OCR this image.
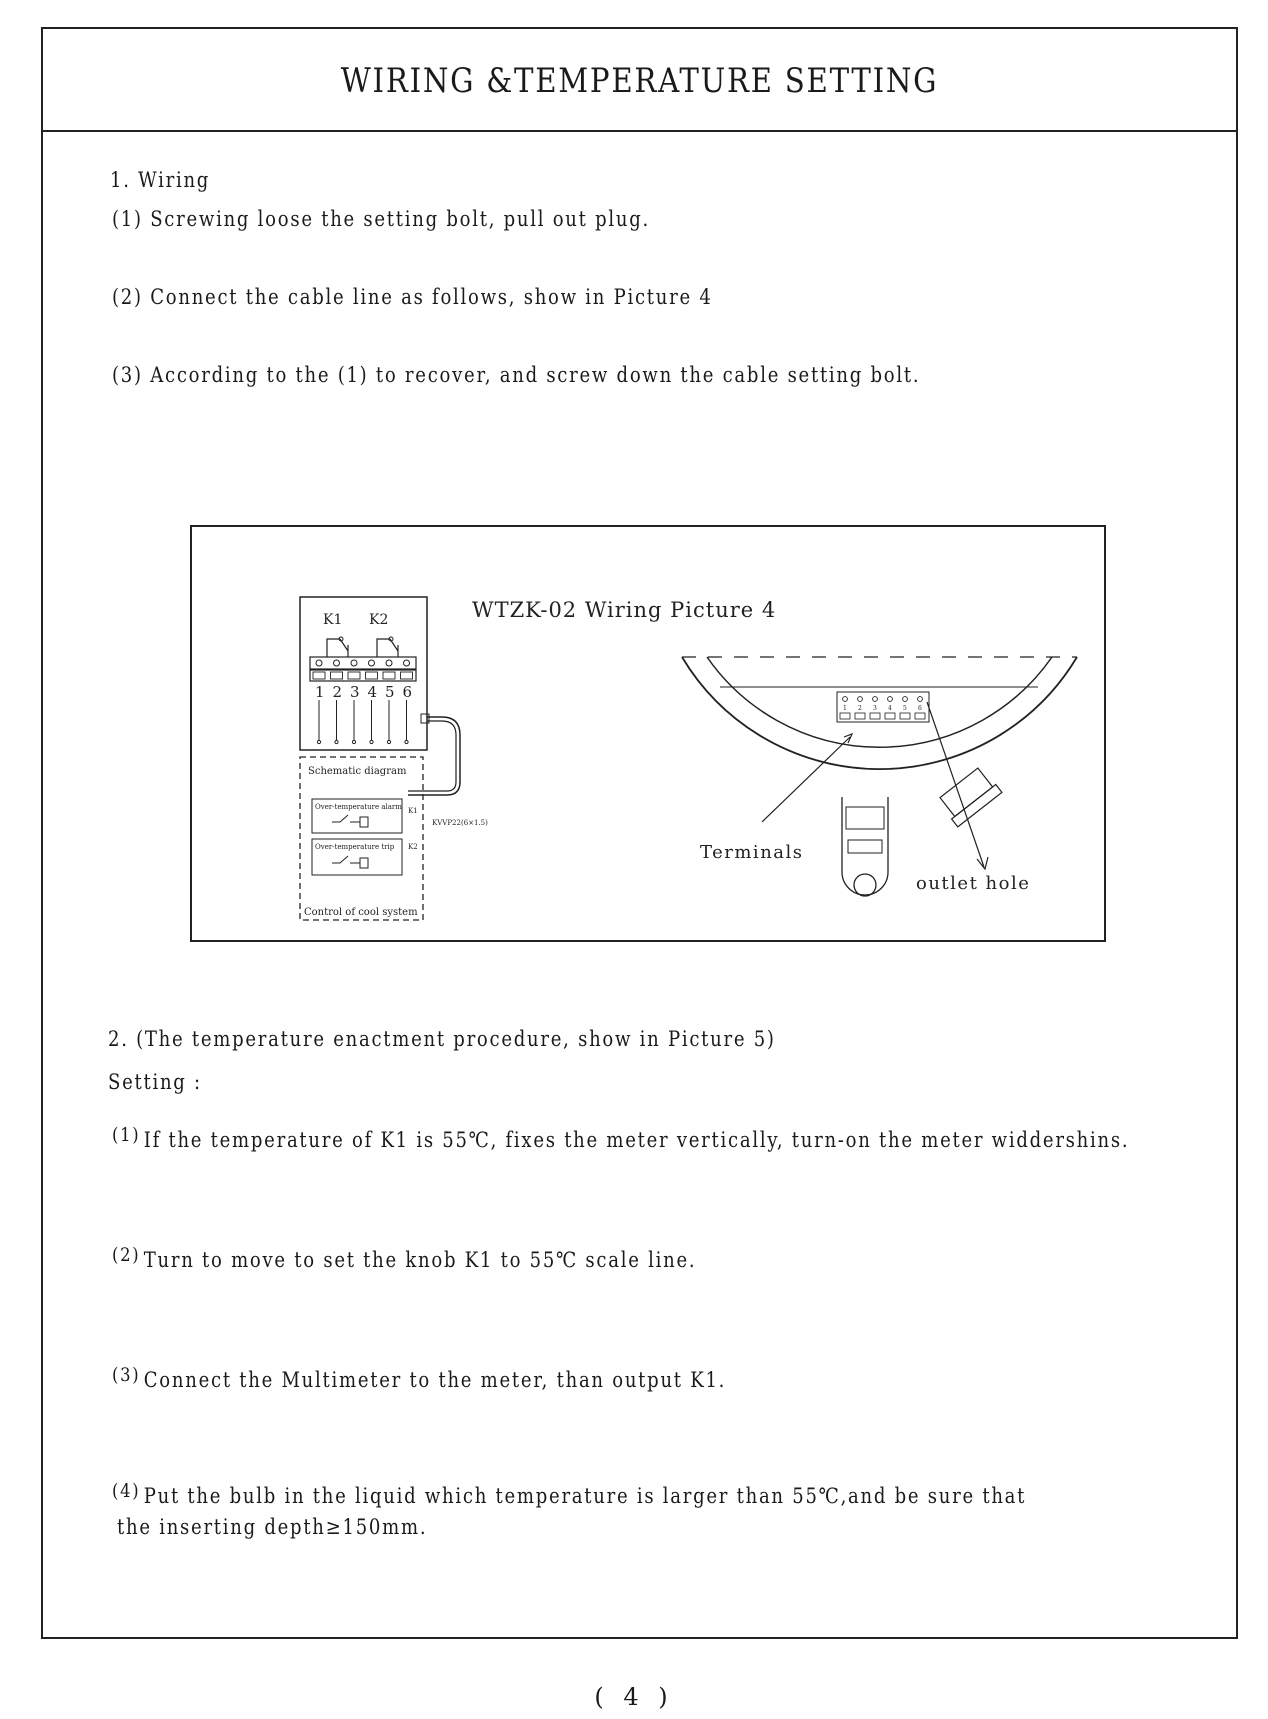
WIRING &TEMPERATURE SETTING
1. Wiring
(1) Screwing loose the setting bolt, pull out plug.
(2) Connect the cable line as follows, show in Picture 4
(3) According to the (1) to recover, and screw down the cable setting bolt.
K1 K2
1 2 3 4 5 6
KVVP22(6×1.5)
Schematic diagram
Over-temperature alarm
Over-temperature trip
K1
K2
Control of cool system
WTZK-02 Wiring Picture 4
1 2 3 4 5 6
Terminals
outlet hole
2. (The temperature enactment procedure, show in Picture 5)
Setting :
$^{(1)}$ If the temperature of K1 is 55℃, fixes the meter vertically, turn-on the meter widdershins.
$^{(2)}$ Turn to move to set the knob K1 to 55℃ scale line.
$^{(3)}$ Connect the Multimeter to the meter, than output K1.
$^{(4)}$ Put the bulb in the liquid which temperature is larger than 55℃,and be sure that
the inserting depth≥150mm.
( 4 )
